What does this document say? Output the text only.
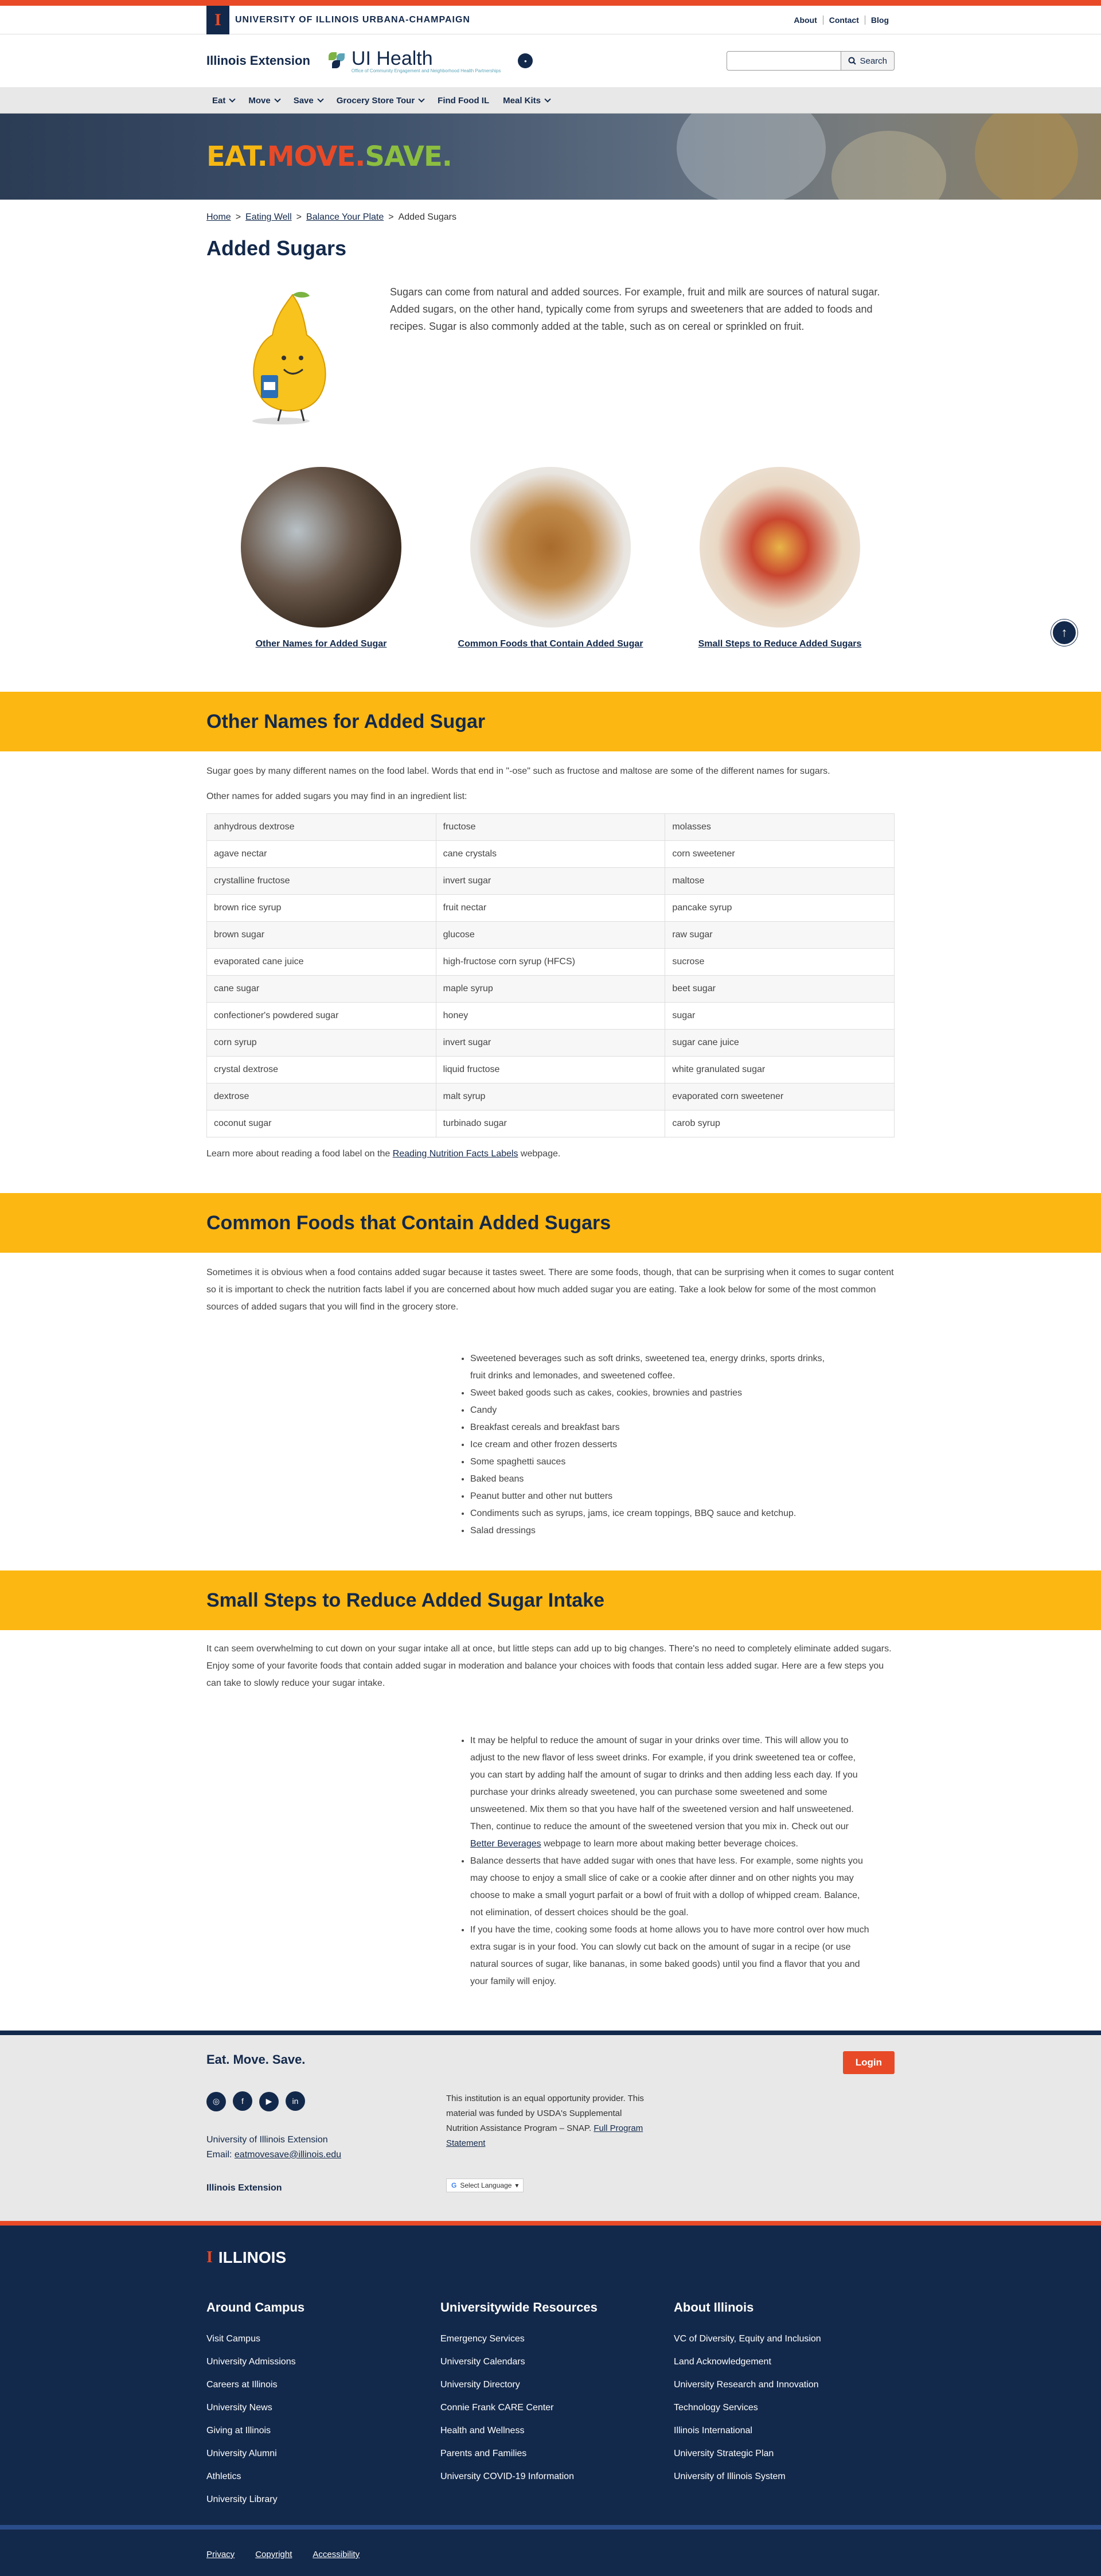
I	UNIVERSITY OF ILLINOIS URBANA-CHAMPAIGN	About	Contact	Blog
Illinois Extension UI Health
Office of Community Engagement and Neighborhood Health Partnerships
●	Search
Eat	Move	Save	Grocery Store Tour	Find Food IL Meal Kits
EAT.MOVE.SAVE.
Home > Eating Well > Balance Your Plate > Added Sugars
Added Sugars

Sugars can come from natural and added sources. For example, fruit and milk are sources of natural sugar. Added sugars, on the other hand, typically come from syrups and sweeteners that are added to foods and recipes. Sugar is also commonly added at the table, such as on cereal or sprinkled on fruit.

Other Names for Added Sugar	Common Foods that Contain Added Sugar	Small Steps to Reduce Added Sugars
↑
Other Names for Added Sugar

Sugar goes by many different names on the food label. Words that end in "-ose" such as fructose and maltose are some of the different names for sugars.

Other names for added sugars you may find in an ingredient list:

anhydrous dextrose	fructose	molasses
agave nectar	cane crystals	corn sweetener
crystalline fructose	invert sugar	maltose
brown rice syrup	fruit nectar	pancake syrup
brown sugar	glucose	raw sugar
evaporated cane juice	high-fructose corn syrup (HFCS)	sucrose
cane sugar	maple syrup	beet sugar
confectioner's powdered sugar	honey	sugar
corn syrup	invert sugar	sugar cane juice
crystal dextrose	liquid fructose	white granulated sugar
dextrose	malt syrup	evaporated corn sweetener
coconut sugar	turbinado sugar	carob syrup

Learn more about reading a food label on the Reading Nutrition Facts Labels webpage.

Common Foods that Contain Added Sugars

Sometimes it is obvious when a food contains added sugar because it tastes sweet. There are some foods, though, that can be surprising when it comes to sugar content so it is important to check the nutrition facts label if you are concerned about how much added sugar you are eating. Take a look below for some of the most common sources of added sugars that you will find in the grocery store.

• Sweetened beverages such as soft drinks, sweetened tea, energy drinks, sports drinks, fruit drinks and lemonades, and sweetened coffee.
• Sweet baked goods such as cakes, cookies, brownies and pastries
• Candy
• Breakfast cereals and breakfast bars
• Ice cream and other frozen desserts
• Some spaghetti sauces
• Baked beans
• Peanut butter and other nut butters
• Condiments such as syrups, jams, ice cream toppings, BBQ sauce and ketchup.
• Salad dressings
Small Steps to Reduce Added Sugar Intake

It can seem overwhelming to cut down on your sugar intake all at once, but little steps can add up to big changes. There's no need to completely eliminate added sugars. Enjoy some of your favorite foods that contain added sugar in moderation and balance your choices with foods that contain less added sugar. Here are a few steps you can take to slowly reduce your sugar intake.

• It may be helpful to reduce the amount of sugar in your drinks over time. This will allow you to adjust to the new flavor of less sweet drinks. For example, if you drink sweetened tea or coffee, you can start by adding half the amount of sugar to drinks and then adding less each day. If you purchase your drinks already sweetened, you can purchase some sweetened and some unsweetened. Mix them so that you have half of the sweetened version and half unsweetened. Then, continue to reduce the amount of the sweetened version that you mix in. Check out our Better Beverages webpage to learn more about making better beverage choices.
• Balance desserts that have added sugar with ones that have less. For example, some nights you may choose to enjoy a small slice of cake or a cookie after dinner and on other nights you may choose to make a small yogurt parfait or a bowl of fruit with a dollop of whipped cream. Balance, not elimination, of dessert choices should be the goal.
• If you have the time, cooking some foods at home allows you to have more control over how much extra sugar is in your food. You can slowly cut back on the amount of sugar in a recipe (or use natural sources of sugar, like bananas, in some baked goods) until you find a flavor that you and your family will enjoy.
Eat. Move. Save.	Login
◎	f	▶	in
University of Illinois Extension
Email: eatmovesave@illinois.edu
Illinois Extension
This institution is an equal opportunity provider. This material was funded by USDA's Supplemental Nutrition Assistance Program – SNAP. Full Program Statement
G Select Language ▾
I ILLINOIS
Around Campus
Visit Campus
University Admissions
Careers at Illinois
University News
Giving at Illinois
University Alumni
Athletics
University Library
Universitywide Resources
Emergency Services
University Calendars
University Directory
Connie Frank CARE Center
Health and Wellness
Parents and Families
University COVID-19 Information
About Illinois
VC of Diversity, Equity and Inclusion
Land Acknowledgement
University Research and Innovation
Technology Services
Illinois International
University Strategic Plan
University of Illinois System
Privacy Copyright Accessibility
